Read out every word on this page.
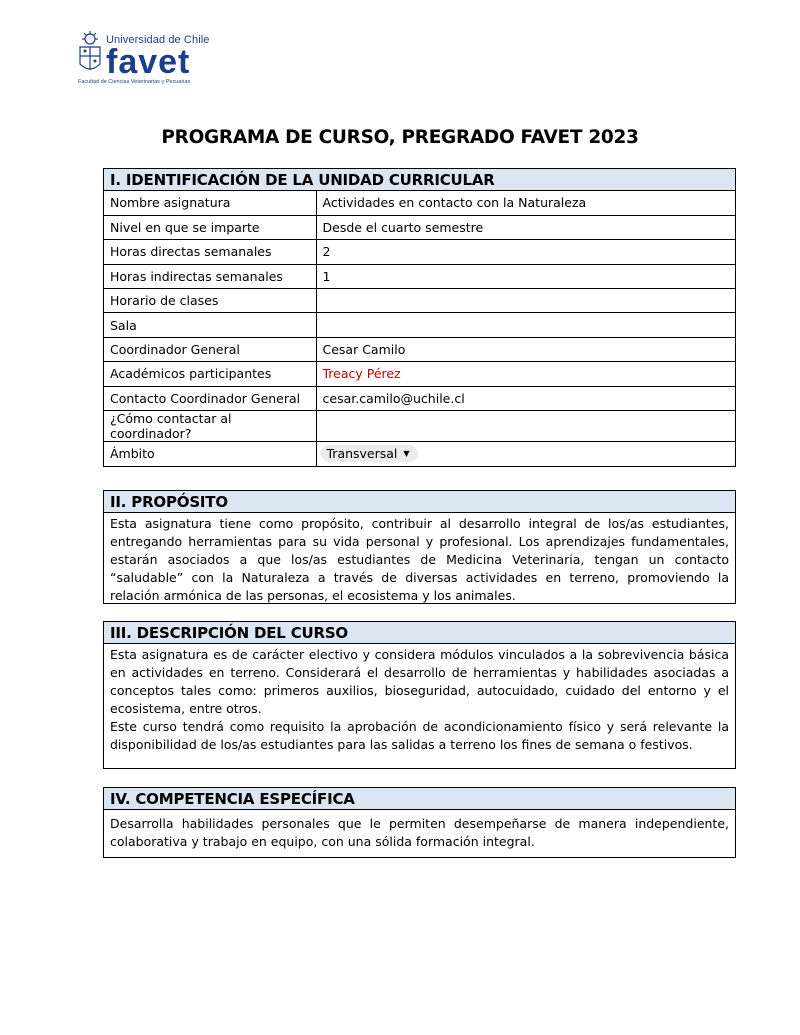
Universidad de Chile
favet
Facultad de Ciencias Veterinarias y Pecuarias
PROGRAMA DE CURSO, PREGRADO FAVET 2023
I. IDENTIFICACIÓN DE LA UNIDAD CURRICULAR
Nombre asignatura	Actividades en contacto con la Naturaleza
Nivel en que se imparte	Desde el cuarto semestre
Horas directas semanales	2
Horas indirectas semanales	1
Horario de clases	
Sala	
Coordinador General	Cesar Camilo
Académicos participantes	Treacy Pérez
Contacto Coordinador General	cesar.camilo@uchile.cl
¿Cómo contactar al coordinador?	
Ámbito	Transversal ▼
II. PROPÓSITO
Esta asignatura tiene como propósito, contribuir al desarrollo integral de los/as estudiantes, entregando herramientas para su vida personal y profesional. Los aprendizajes fundamentales, estarán asociados a que los/as estudiantes de Medicina Veterinaria, tengan un contacto “saludable” con la Naturaleza a través de diversas actividades en terreno, promoviendo la relación armónica de las personas, el ecosistema y los animales.
III. DESCRIPCIÓN DEL CURSO

Esta asignatura es de carácter electivo y considera módulos vinculados a la sobrevivencia básica en actividades en terreno. Considerará el desarrollo de herramientas y habilidades asociadas a conceptos tales como: primeros auxilios, bioseguridad, autocuidado, cuidado del entorno y el ecosistema, entre otros.

Este curso tendrá como requisito la aprobación de acondicionamiento físico y será relevante la disponibilidad de los/as estudiantes para las salidas a terreno los fines de semana o festivos.

IV. COMPETENCIA ESPECÍFICA
Desarrolla habilidades personales que le permiten desempeñarse de manera independiente, colaborativa y trabajo en equipo, con una sólida formación integral.
